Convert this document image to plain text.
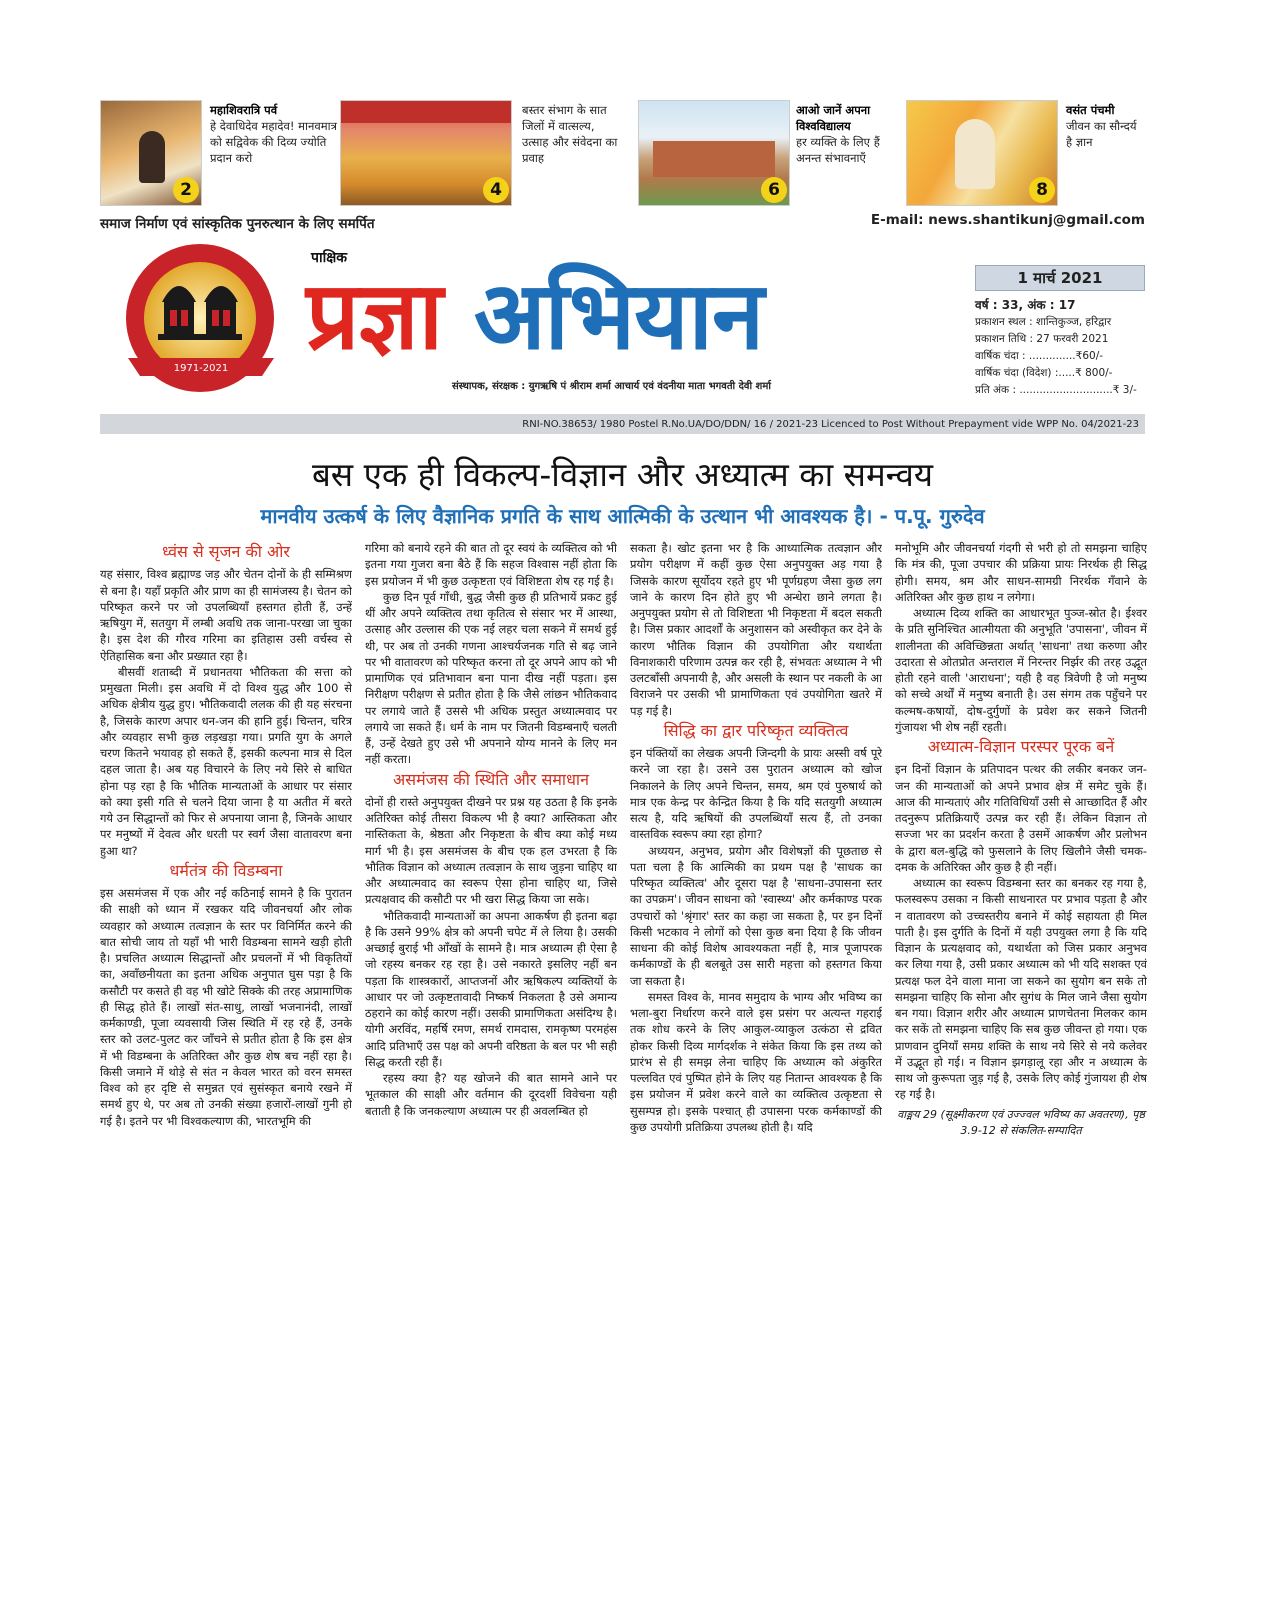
2
महाशिवरात्रि पर्व
हे देवाधिदेव महादेव! मानवमात्र को सद्विवेक की दिव्य ज्योति प्रदान करो
4
बस्तर संभाग के सात जिलों में वात्सल्य, उत्साह और संवेदना का प्रवाह
6
आओ जानें अपना विश्वविद्यालय
हर व्यक्ति के लिए हैं अनन्त संभावनाएँ
8
वसंत पंचमी
जीवन का सौन्दर्य है ज्ञान
समाज निर्माण एवं सांस्कृतिक पुनरुत्थान के लिए समर्पित	E-mail: news.shantikunj@gmail.com
1971-2021
हरिद्वार
पाक्षिक
प्रज्ञा अभियान
संस्थापक, संरक्षक : युगऋषि पं श्रीराम शर्मा आचार्य एवं वंदनीया माता भगवती देवी शर्मा
1 मार्च 2021
वर्ष : 33, अंक : 17
प्रकाशन स्थल : शान्तिकुञ्ज, हरिद्वार
प्रकाशन तिथि : 27 फरवरी 2021
वार्षिक चंदा : ..............₹60/-
वार्षिक चंदा (विदेश) :.....₹ 800/-
प्रति अंक : ............................₹ 3/-
RNI-NO.38653/ 1980 Postel R.No.UA/DO/DDN/ 16 / 2021-23 Licenced to Post Without Prepayment vide WPP No. 04/2021-23
बस एक ही विकल्प-विज्ञान और अध्यात्म का समन्वय
मानवीय उत्कर्ष के लिए वैज्ञानिक प्रगति के साथ आत्मिकी के उत्थान भी आवश्यक है। - प.पू. गुरुदेव
ध्वंस से सृजन की ओर

यह संसार, विश्व ब्रह्माण्ड जड़ और चेतन दोनों के ही सम्मिश्रण से बना है। यहाँ प्रकृति और प्राण का ही सामंजस्य है। चेतन को परिष्कृत करने पर जो उपलब्धियाँ हस्तगत होती हैं, उन्हें ऋषियुग में, सतयुग में लम्बी अवधि तक जाना-परखा जा चुका है। इस देश की गौरव गरिमा का इतिहास उसी वर्चस्व से ऐतिहासिक बना और प्रख्यात रहा है।

बीसवीं शताब्दी में प्रधानतया भौतिकता की सत्ता को प्रमुखता मिली। इस अवधि में दो विश्व युद्ध और 100 से अधिक क्षेत्रीय युद्ध हुए। भौतिकवादी ललक की ही यह संरचना है, जिसके कारण अपार धन-जन की हानि हुई। चिन्तन, चरित्र और व्यवहार सभी कुछ लड़खड़ा गया। प्रगति युग के अगले चरण कितने भयावह हो सकते हैं, इसकी कल्पना मात्र से दिल दहल जाता है। अब यह विचारने के लिए नये सिरे से बाधित होना पड़ रहा है कि भौतिक मान्यताओं के आधार पर संसार को क्या इसी गति से चलने दिया जाना है या अतीत में बरते गये उन सिद्धान्तों को फिर से अपनाया जाना है, जिनके आधार पर मनुष्यों में देवत्व और धरती पर स्वर्ग जैसा वातावरण बना हुआ था?

धर्मतंत्र की विडम्बना

इस असमंजस में एक और नई कठिनाई सामने है कि पुरातन की साक्षी को ध्यान में रखकर यदि जीवनचर्या और लोक व्यवहार को अध्यात्म तत्वज्ञान के स्तर पर विनिर्मित करने की बात सोची जाय तो यहाँ भी भारी विडम्बना सामने खड़ी होती है। प्रचलित अध्यात्म सिद्धान्तों और प्रचलनों में भी विकृतियों का, अवाँछनीयता का इतना अधिक अनुपात घुस पड़ा है कि कसौटी पर कसते ही वह भी खोटे सिक्के की तरह अप्रामाणिक ही सिद्ध होते हैं। लाखों संत-साधु, लाखों भजनानंदी, लाखों कर्मकाण्डी, पूजा व्यवसायी जिस स्थिति में रह रहे हैं, उनके स्तर को उलट-पुलट कर जाँचने से प्रतीत होता है कि इस क्षेत्र में भी विडम्बना के अतिरिक्त और कुछ शेष बच नहीं रहा है। किसी जमाने में थोड़े से संत न केवल भारत को वरन समस्त विश्व को हर दृष्टि से समुन्नत एवं सुसंस्कृत बनाये रखने में समर्थ हुए थे, पर अब तो उनकी संख्या हजारों-लाखों गुनी हो गई है। इतने पर भी विश्वकल्याण की, भारतभूमि की

गरिमा को बनाये रहने की बात तो दूर स्वयं के व्यक्तित्व को भी इतना गया गुजरा बना बैठे हैं कि सहज विश्वास नहीं होता कि इस प्रयोजन में भी कुछ उत्कृष्टता एवं विशिष्टता शेष रह गई है।

कुछ दिन पूर्व गाँधी, बुद्ध जैसी कुछ ही प्रतिभायें प्रकट हुई थीं और अपने व्यक्तित्व तथा कृतित्व से संसार भर में आस्था, उत्साह और उल्लास की एक नई लहर चला सकने में समर्थ हुई थी, पर अब तो उनकी गणना आश्चर्यजनक गति से बढ़ जाने पर भी वातावरण को परिष्कृत करना तो दूर अपने आप को भी प्रामाणिक एवं प्रतिभावान बना पाना दीख नहीं पड़ता। इस निरीक्षण परीक्षण से प्रतीत होता है कि जैसे लांछन भौतिकवाद पर लगाये जाते हैं उससे भी अधिक प्रस्तुत अध्यात्मवाद पर लगाये जा सकते हैं। धर्म के नाम पर जितनी विडम्बनाएँ चलती हैं, उन्हें देखते हुए उसे भी अपनाने योग्य मानने के लिए मन नहीं करता।

असमंजस की स्थिति और समाधान

दोनों ही रास्ते अनुपयुक्त दीखने पर प्रश्न यह उठता है कि इनके अतिरिक्त कोई तीसरा विकल्प भी है क्या? आस्तिकता और नास्तिकता के, श्रेष्ठता और निकृष्टता के बीच क्या कोई मध्य मार्ग भी है। इस असमंजस के बीच एक हल उभरता है कि भौतिक विज्ञान को अध्यात्म तत्वज्ञान के साथ जुड़ना चाहिए था और अध्यात्मवाद का स्वरूप ऐसा होना चाहिए था, जिसे प्रत्यक्षवाद की कसौटी पर भी खरा सिद्ध किया जा सके।

भौतिकवादी मान्यताओं का अपना आकर्षण ही इतना बढ़ा है कि उसने 99% क्षेत्र को अपनी चपेट में ले लिया है। उसकी अच्छाई बुराई भी आँखों के सामने है। मात्र अध्यात्म ही ऐसा है जो रहस्य बनकर रह रहा है। उसे नकारते इसलिए नहीं बन पड़ता कि शास्त्रकारों, आप्तजनों और ऋषिकल्प व्यक्तियों के आधार पर जो उत्कृष्टतावादी निष्कर्ष निकलता है उसे अमान्य ठहराने का कोई कारण नहीं। उसकी प्रामाणिकता असंदिग्ध है। योगी अरविंद, महर्षि रमण, समर्थ रामदास, रामकृष्ण परमहंस आदि प्रतिभाएँ उस पक्ष को अपनी वरिष्ठता के बल पर भी सही सिद्ध करती रही हैं।

रहस्य क्या है? यह खोजने की बात सामने आने पर भूतकाल की साक्षी और वर्तमान की दूरदर्शी विवेचना यही बताती है कि जनकल्याण अध्यात्म पर ही अवलम्बित हो

सकता है। खोट इतना भर है कि आध्यात्मिक तत्वज्ञान और प्रयोग परीक्षण में कहीं कुछ ऐसा अनुपयुक्त अड़ गया है जिसके कारण सूर्योदय रहते हुए भी पूर्णग्रहण जैसा कुछ लग जाने के कारण दिन होते हुए भी अन्धेरा छाने लगता है। अनुपयुक्त प्रयोग से तो विशिष्टता भी निकृष्टता में बदल सकती है। जिस प्रकार आदर्शों के अनुशासन को अस्वीकृत कर देने के कारण भौतिक विज्ञान की उपयोगिता और यथार्थता विनाशकारी परिणाम उत्पन्न कर रही है, संभवतः अध्यात्म ने भी उलटबाँसी अपनायी है, और असली के स्थान पर नकली के आ विराजने पर उसकी भी प्रामाणिकता एवं उपयोगिता खतरे में पड़ गई है।

सिद्धि का द्वार परिष्कृत व्यक्तित्व

इन पंक्तियों का लेखक अपनी जिन्दगी के प्रायः अस्सी वर्ष पूरे करने जा रहा है। उसने उस पुरातन अध्यात्म को खोज निकालने के लिए अपने चिन्तन, समय, श्रम एवं पुरुषार्थ को मात्र एक केन्द्र पर केन्द्रित किया है कि यदि सतयुगी अध्यात्म सत्य है, यदि ऋषियों की उपलब्धियाँ सत्य हैं, तो उनका वास्तविक स्वरूप क्या रहा होगा?

अध्ययन, अनुभव, प्रयोग और विशेषज्ञों की पूछताछ से पता चला है कि आत्मिकी का प्रथम पक्ष है 'साधक का परिष्कृत व्यक्तित्व' और दूसरा पक्ष है 'साधना-उपासना स्तर का उपक्रम'। जीवन साधना को 'स्वास्थ्य' और कर्मकाण्ड परक उपचारों को 'श्रृंगार' स्तर का कहा जा सकता है, पर इन दिनों किसी भटकाव ने लोगों को ऐसा कुछ बना दिया है कि जीवन साधना की कोई विशेष आवश्यकता नहीं है, मात्र पूजापरक कर्मकाण्डों के ही बलबूते उस सारी महत्ता को हस्तगत किया जा सकता है।

समस्त विश्व के, मानव समुदाय के भाग्य और भविष्य का भला-बुरा निर्धारण करने वाले इस प्रसंग पर अत्यन्त गहराई तक शोध करने के लिए आकुल-व्याकुल उत्कंठा से द्रवित होकर किसी दिव्य मार्गदर्शक ने संकेत किया कि इस तथ्य को प्रारंभ से ही समझ लेना चाहिए कि अध्यात्म को अंकुरित पल्लवित एवं पुष्पित होने के लिए यह नितान्त आवश्यक है कि इस प्रयोजन में प्रवेश करने वाले का व्यक्तित्व उत्कृष्टता से सुसम्पन्न हो। इसके पश्चात् ही उपासना परक कर्मकाण्डों की कुछ उपयोगी प्रतिक्रिया उपलब्ध होती है। यदि

मनोभूमि और जीवनचर्या गंदगी से भरी हो तो समझना चाहिए कि मंत्र की, पूजा उपचार की प्रक्रिया प्रायः निरर्थक ही सिद्ध होगी। समय, श्रम और साधन-सामग्री निरर्थक गँवाने के अतिरिक्त और कुछ हाथ न लगेगा।

अध्यात्म दिव्य शक्ति का आधारभूत पुञ्ज-स्रोत है। ईश्वर के प्रति सुनिश्चित आत्मीयता की अनुभूति 'उपासना', जीवन में शालीनता की अविच्छिन्नता अर्थात् 'साधना' तथा करुणा और उदारता से ओतप्रोत अन्तराल में निरन्तर निर्झर की तरह उद्भूत होती रहने वाली 'आराधना'; यही है वह त्रिवेणी है जो मनुष्य को सच्चे अर्थों में मनुष्य बनाती है। उस संगम तक पहुँचने पर कल्मष-कषायों, दोष-दुर्गुणों के प्रवेश कर सकने जितनी गुंजायश भी शेष नहीं रहती।

अध्यात्म-विज्ञान परस्पर पूरक बनें

इन दिनों विज्ञान के प्रतिपादन पत्थर की लकीर बनकर जन-जन की मान्यताओं को अपने प्रभाव क्षेत्र में समेट चुके हैं। आज की मान्यताएं और गतिविधियाँ उसी से आच्छादित हैं और तदनुरूप प्रतिक्रियाएँ उत्पन्न कर रही हैं। लेकिन विज्ञान तो सज्जा भर का प्रदर्शन करता है उसमें आकर्षण और प्रलोभन के द्वारा बल-बुद्धि को फुसलाने के लिए खिलौने जैसी चमक-दमक के अतिरिक्त और कुछ है ही नहीं।

अध्यात्म का स्वरूप विडम्बना स्तर का बनकर रह गया है, फलस्वरूप उसका न किसी साधनारत पर प्रभाव पड़ता है और न वातावरण को उच्चस्तरीय बनाने में कोई सहायता ही मिल पाती है। इस दुर्गति के दिनों में यही उपयुक्त लगा है कि यदि विज्ञान के प्रत्यक्षवाद को, यथार्थता को जिस प्रकार अनुभव कर लिया गया है, उसी प्रकार अध्यात्म को भी यदि सशक्त एवं प्रत्यक्ष फल देने वाला माना जा सकने का सुयोग बन सके तो समझना चाहिए कि सोना और सुगंध के मिल जाने जैसा सुयोग बन गया। विज्ञान शरीर और अध्यात्म प्राणचेतना मिलकर काम कर सकें तो समझना चाहिए कि सब कुछ जीवन्त हो गया। एक प्राणवान दुनियाँ समग्र शक्ति के साथ नये सिरे से नये कलेवर में उद्भूत हो गई। न विज्ञान झगड़ालू रहा और न अध्यात्म के साथ जो कुरूपता जुड़ गई है, उसके लिए कोई गुंजायश ही शेष रह गई है।

वाङ्मय 29 (सूक्ष्मीकरण एवं उज्ज्वल भविष्य का अवतरण), पृष्ठ 3.9-12 से संकलित-सम्पादित
